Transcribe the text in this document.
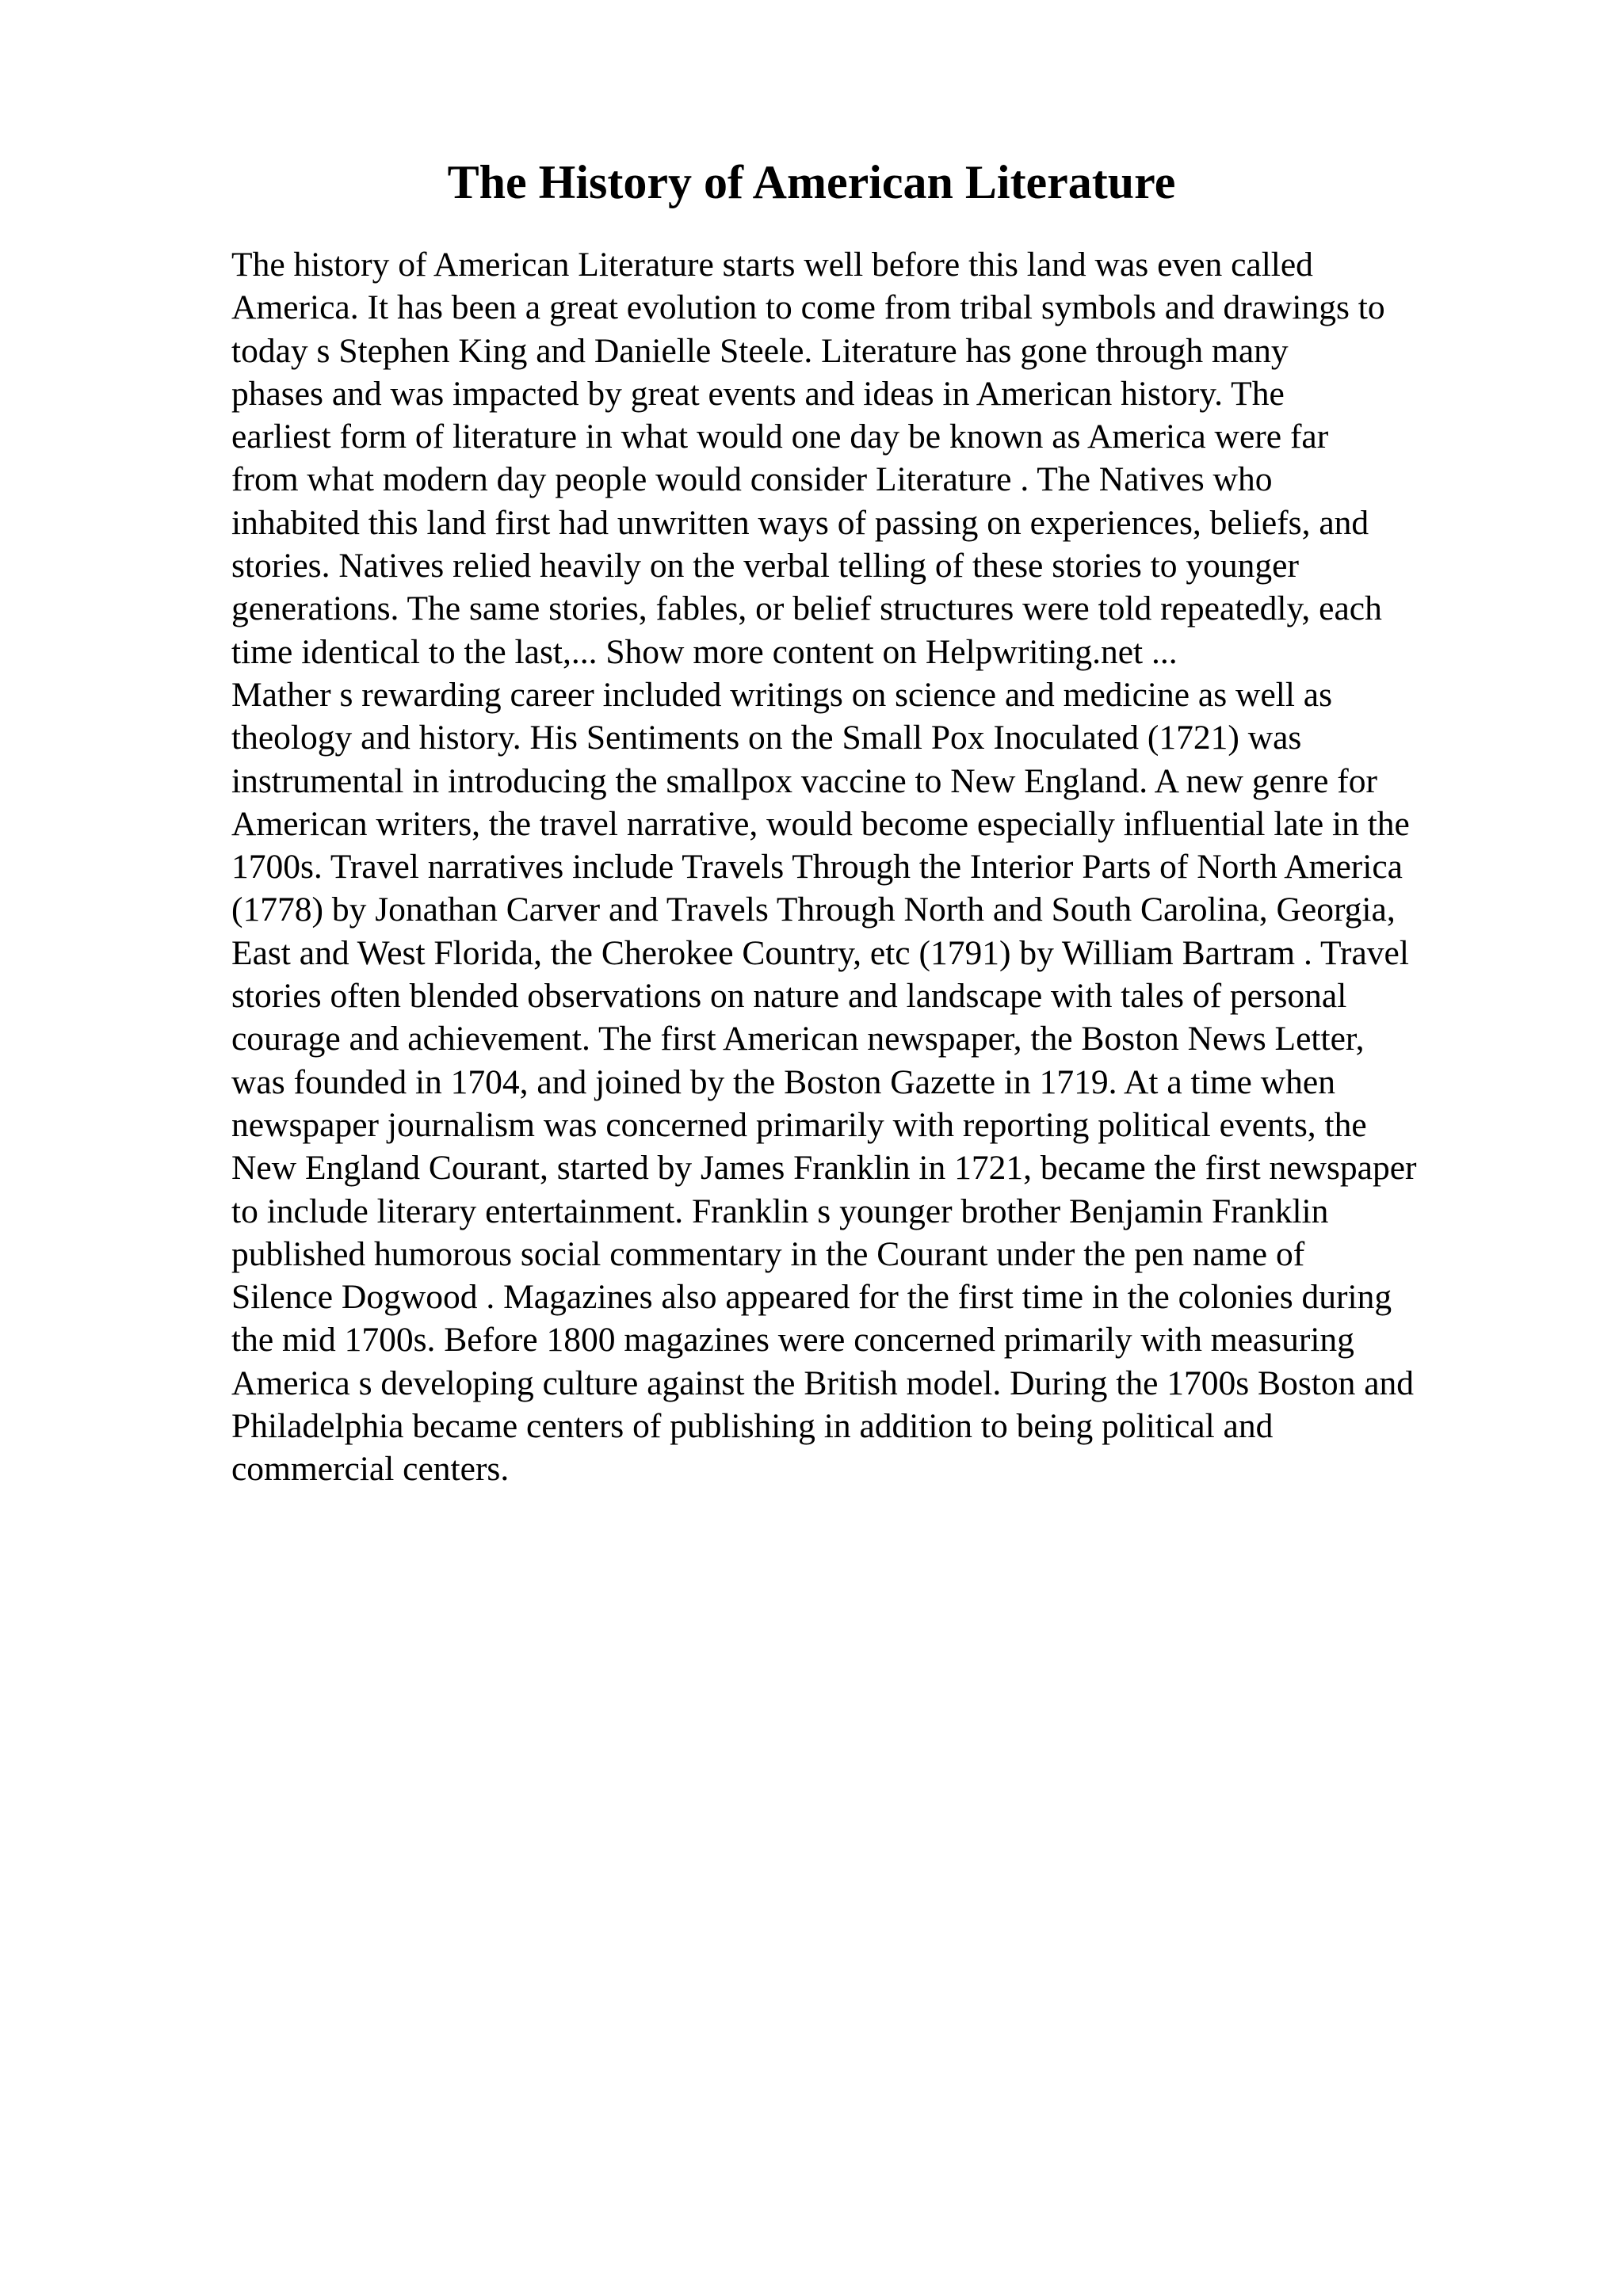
The History of American Literature
The history of American Literature starts well before this land was even called
America. It has been a great evolution to come from tribal symbols and drawings to
today s Stephen King and Danielle Steele. Literature has gone through many
phases and was impacted by great events and ideas in American history. The
earliest form of literature in what would one day be known as America were far
from what modern day people would consider Literature . The Natives who
inhabited this land first had unwritten ways of passing on experiences, beliefs, and
stories. Natives relied heavily on the verbal telling of these stories to younger
generations. The same stories, fables, or belief structures were told repeatedly, each
time identical to the last,... Show more content on Helpwriting.net ...
Mather s rewarding career included writings on science and medicine as well as
theology and history. His Sentiments on the Small Pox Inoculated (1721) was
instrumental in introducing the smallpox vaccine to New England. A new genre for
American writers, the travel narrative, would become especially influential late in the
1700s. Travel narratives include Travels Through the Interior Parts of North America
(1778) by Jonathan Carver and Travels Through North and South Carolina, Georgia,
East and West Florida, the Cherokee Country, etc (1791) by William Bartram . Travel
stories often blended observations on nature and landscape with tales of personal
courage and achievement. The first American newspaper, the Boston News Letter,
was founded in 1704, and joined by the Boston Gazette in 1719. At a time when
newspaper journalism was concerned primarily with reporting political events, the
New England Courant, started by James Franklin in 1721, became the first newspaper
to include literary entertainment. Franklin s younger brother Benjamin Franklin
published humorous social commentary in the Courant under the pen name of
Silence Dogwood . Magazines also appeared for the first time in the colonies during
the mid 1700s. Before 1800 magazines were concerned primarily with measuring
America s developing culture against the British model. During the 1700s Boston and
Philadelphia became centers of publishing in addition to being political and
commercial centers.
